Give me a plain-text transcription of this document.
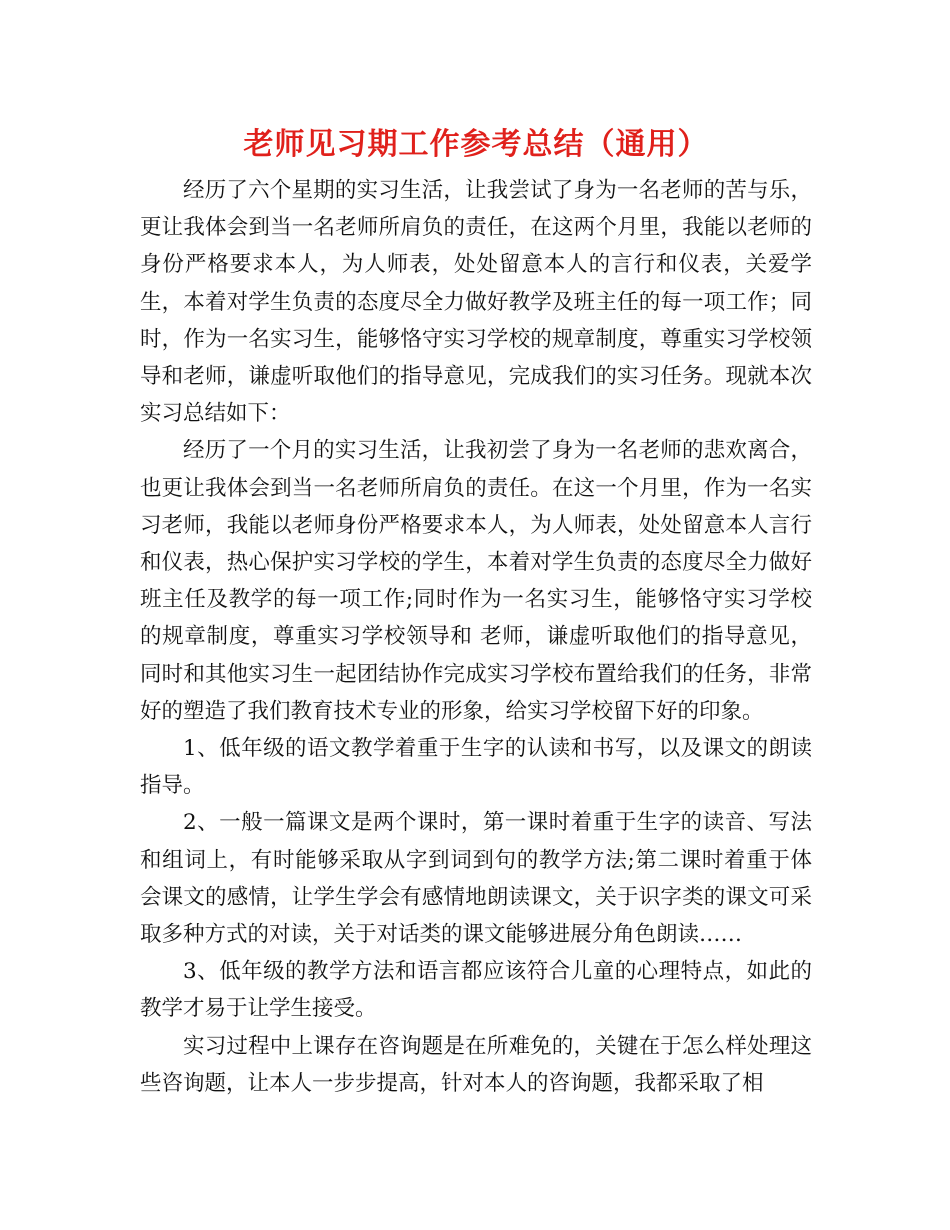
老师见习期工作参考总结（通用）

经历了六个星期的实习生活，让我尝试了身为一名老师的苦与乐，更让我体会到当一名老师所肩负的责任，在这两个月里，我能以老师的身份严格要求本人，为人师表，处处留意本人的言行和仪表，关爱学生，本着对学生负责的态度尽全力做好教学及班主任的每一项工作；同时，作为一名实习生，能够恪守实习学校的规章制度，尊重实习学校领导和老师，谦虚听取他们的指导意见，完成我们的实习任务。现就本次实习总结如下：

经历了一个月的实习生活，让我初尝了身为一名老师的悲欢离合，也更让我体会到当一名老师所肩负的责任。在这一个月里，作为一名实习老师，我能以老师身份严格要求本人，为人师表，处处留意本人言行和仪表，热心保护实习学校的学生，本着对学生负责的态度尽全力做好班主任及教学的每一项工作;同时作为一名实习生，能够恪守实习学校的规章制度，尊重实习学校领导和 老师，谦虚听取他们的指导意见，同时和其他实习生一起团结协作完成实习学校布置给我们的任务，非常好的塑造了我们教育技术专业的形象，给实习学校留下好的印象。

1、低年级的语文教学着重于生字的认读和书写，以及课文的朗读指导。

2、一般一篇课文是两个课时，第一课时着重于生字的读音、写法和组词上，有时能够采取从字到词到句的教学方法;第二课时着重于体会课文的感情，让学生学会有感情地朗读课文，关于识字类的课文可采取多种方式的对读，关于对话类的课文能够进展分角色朗读……

3、低年级的教学方法和语言都应该符合儿童的心理特点，如此的教学才易于让学生接受。

实习过程中上课存在咨询题是在所难免的，关键在于怎么样处理这些咨询题，让本人一步步提高，针对本人的咨询题，我都采取了相
